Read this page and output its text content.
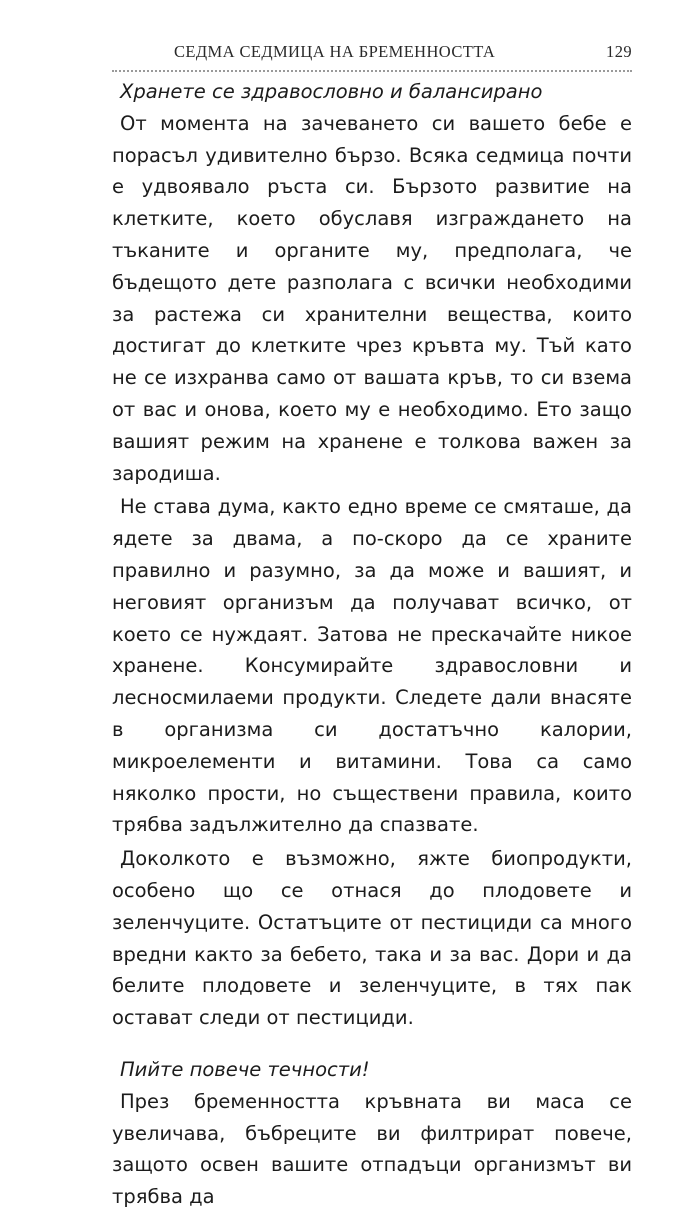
СЕДМА СЕДМИЦА НА БРЕМЕННОСТТА	129

Хранете се здравословно и балансирано

От момента на зачеването си вашето бебе е порасъл удивително бързо. Всяка седмица почти е удвоявало ръста си. Бързото развитие на клетките, което обуславя изграждането на тъканите и органите му, предполага, че бъдещото дете разполага с всички необходими за растежа си хранителни вещества, които достигат до клетките чрез кръвта му. Тъй като не се изхранва само от вашата кръв, то си взема от вас и онова, което му е необходимо. Ето защо вашият режим на хранене е толкова важен за зародиша.

Не става дума, както едно време се смяташе, да ядете за двама, а по-скоро да се храните правилно и разумно, за да може и вашият, и неговият организъм да получават всичко, от което се нуждаят. Затова не прескачайте никое хранене. Консумирайте здравословни и лесносмилаеми продукти. Следете дали внасяте в организма си достатъчно калории, микроелементи и витамини. Това са само няколко прости, но съществени правила, които трябва задължително да спазвате.

Доколкото е възможно, яжте биопродукти, особено що се отнася до плодовете и зеленчуците. Остатъците от пестициди са много вредни както за бебето, така и за вас. Дори и да белите плодовете и зеленчуците, в тях пак остават следи от пестициди.

Пийте повече течности!

През бременността кръвната ви маса се увеличава, бъбреците ви филтрират повече, защото освен вашите отпадъци организмът ви трябва да
